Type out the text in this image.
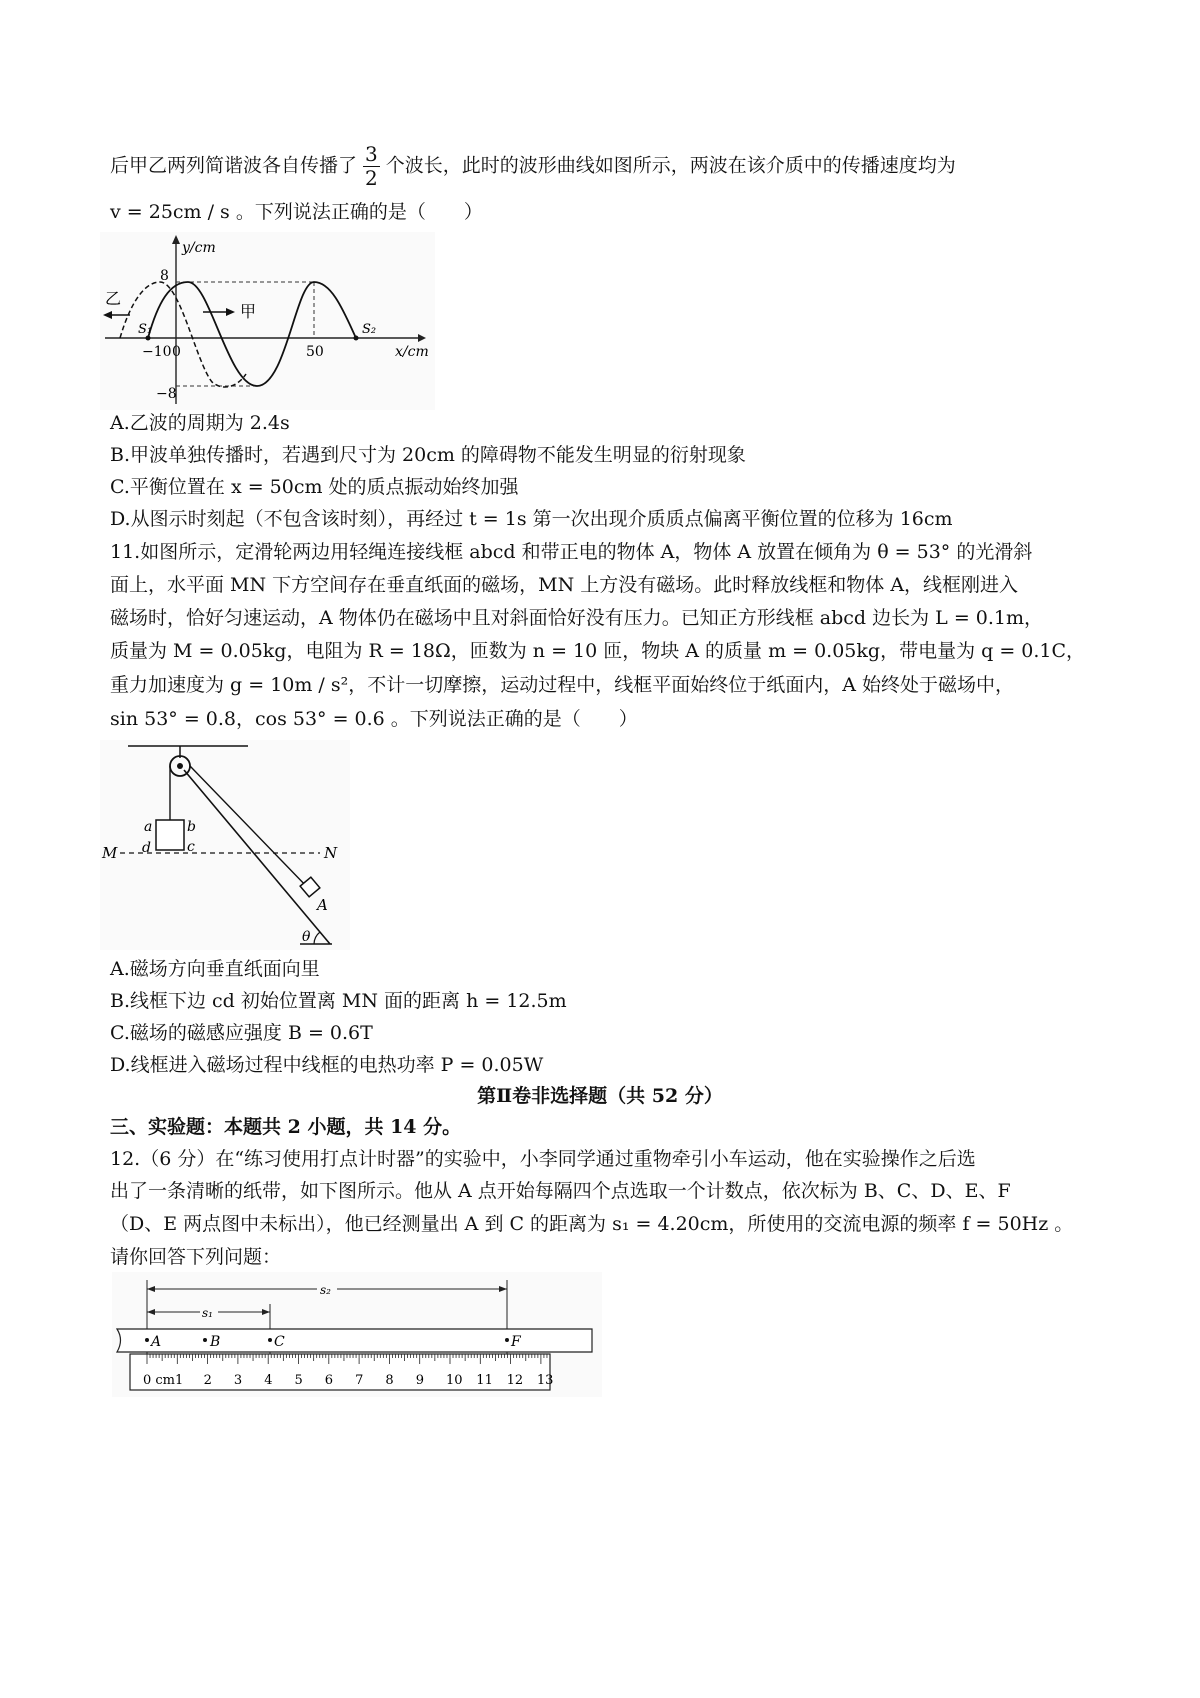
后甲乙两列简谐波各自传播了 $\frac{3}{2}$ 个波长，此时的波形曲线如图所示，两波在该介质中的传播速度均为
v = 25cm / s 。下列说法正确的是（　　）
y/cm
x/cm
8
−8
−10 0	50
乙
甲
S₁	S₂
A.乙波的周期为 2.4s
B.甲波单独传播时，若遇到尺寸为 20cm 的障碍物不能发生明显的衍射现象
C.平衡位置在 x = 50cm 处的质点振动始终加强
D.从图示时刻起（不包含该时刻），再经过 t = 1s 第一次出现介质质点偏离平衡位置的位移为 16cm
11.如图所示，定滑轮两边用轻绳连接线框 abcd 和带正电的物体 A，物体 A 放置在倾角为 θ = 53° 的光滑斜
面上，水平面 MN 下方空间存在垂直纸面的磁场，MN 上方没有磁场。此时释放线框和物体 A，线框刚进入
磁场时，恰好匀速运动，A 物体仍在磁场中且对斜面恰好没有压力。已知正方形线框 abcd 边长为 L = 0.1m，
质量为 M = 0.05kg，电阻为 R = 18Ω，匝数为 n = 10 匝，物块 A 的质量 m = 0.05kg，带电量为 q = 0.1C，
重力加速度为 g = 10m / s²，不计一切摩擦，运动过程中，线框平面始终位于纸面内，A 始终处于磁场中，
sin 53° = 0.8，cos 53° = 0.6 。下列说法正确的是（　　）
a b
c
d
M	N
A
θ
A.磁场方向垂直纸面向里
B.线框下边 cd 初始位置离 MN 面的距离 h = 12.5m
C.磁场的磁感应强度 B = 0.6T
D.线框进入磁场过程中线框的电热功率 P = 0.05W
第Ⅱ卷非选择题（共 52 分）
三、实验题：本题共 2 小题，共 14 分。
12.（6 分）在“练习使用打点计时器”的实验中，小李同学通过重物牵引小车运动，他在实验操作之后选
出了一条清晰的纸带，如下图所示。他从 A 点开始每隔四个点选取一个计数点，依次标为 B、C、D、E、F
（D、E 两点图中未标出），他已经测量出 A 到 C 的距离为 s₁ = 4.20cm，所使用的交流电源的频率 f = 50Hz 。
请你回答下列问题：
s₂
s₁
A	B	C	F
0 cm1 2 3 4 5 6 7 8 9 10 11 12 13
